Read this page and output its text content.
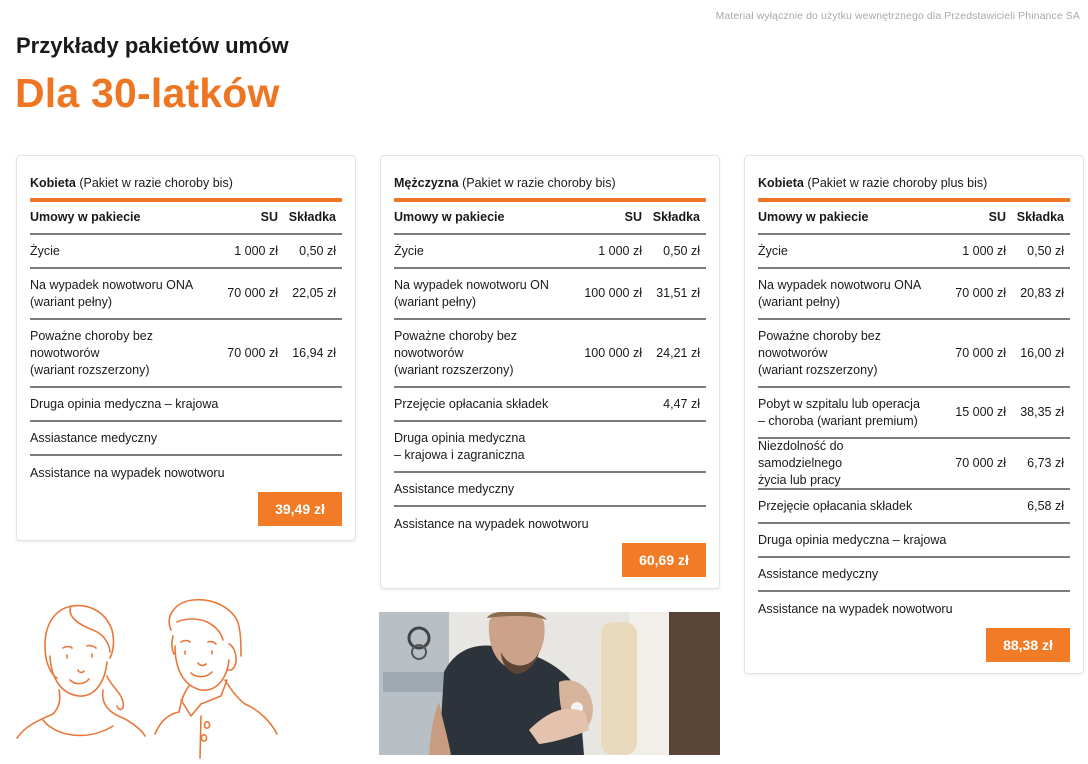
Materiał wyłącznie do użytku wewnętrznego dla Przedstawicieli Phinance SA
Przykłady pakietów umów
Dla 30-latków
Kobieta (Pakiet w razie choroby bis)
Umowy w pakiecie	SU Składka
Życie	1 000 zł	0,50 zł
Na wypadek nowotworu ONA
(wariant pełny)
70 000 zł	22,05 zł
Poważne choroby bez
nowotworów
(wariant rozszerzony)
70 000 zł	16,94 zł
Druga opinia medyczna – krajowa
Assiastance medyczny
Assistance na wypadek nowotworu
39,49 zł
Mężczyzna (Pakiet w razie choroby bis)
Umowy w pakiecie	SU Składka
Życie	1 000 zł	0,50 zł
Na wypadek nowotworu ON
(wariant pełny)
100 000 zł	31,51 zł
Poważne choroby bez
nowotworów
(wariant rozszerzony)
100 000 zł	24,21 zł
Przejęcie opłacania składek	4,47 zł
Druga opinia medyczna
– krajowa i zagraniczna
Assistance medyczny
Assistance na wypadek nowotworu
60,69 zł
Kobieta (Pakiet w razie choroby plus bis)
Umowy w pakiecie	SU Składka
Życie	1 000 zł	0,50 zł
Na wypadek nowotworu ONA
(wariant pełny)
70 000 zł	20,83 zł
Poważne choroby bez
nowotworów
(wariant rozszerzony)
70 000 zł	16,00 zł
Pobyt w szpitalu lub operacja
– choroba (wariant premium)
15 000 zł	38,35 zł
Niezdolność do samodzielnego
życia lub pracy
70 000 zł	6,73 zł
Przejęcie opłacania składek	6,58 zł
Druga opinia medyczna – krajowa
Assistance medyczny
Assistance na wypadek nowotworu
88,38 zł
